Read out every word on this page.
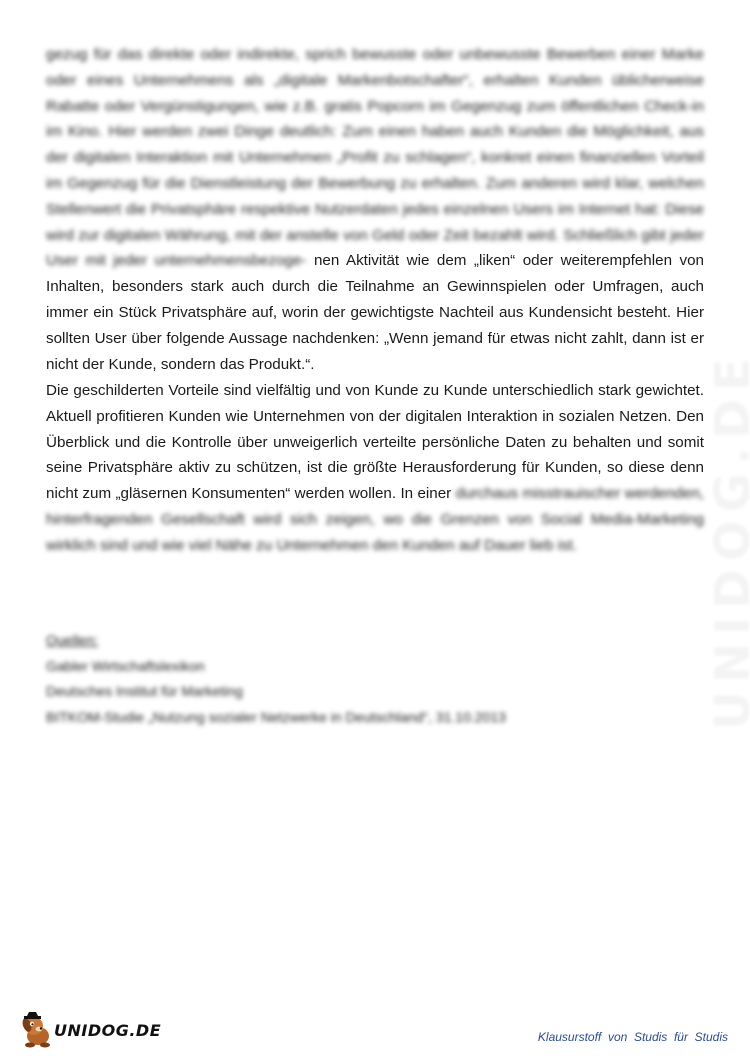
gezug für das direkte oder indirekte, sprich bewusste oder unbewusste Bewerben einer Marke oder eines Unternehmens als „digitale Markenbotschafter“, erhalten Kunden üblicherweise Rabatte oder Vergünstigungen, wie z.B. gratis Popcorn im Gegenzug zum öffentlichen Check-in im Kino. Hier werden zwei Dinge deutlich: Zum einen haben auch Kunden die Möglichkeit, aus der digitalen Interaktion mit Unternehmen „Profit zu schlagen“, konkret einen finanziellen Vorteil im Gegenzug für die Dienstleistung der Bewerbung zu erhalten. Zum anderen wird klar, welchen Stellenwert die Privatsphäre respektive Nutzerdaten jedes einzelnen Users im Internet hat: Diese wird zur digitalen Währung, mit der anstelle von Geld oder Zeit bezahlt wird. Schließlich gibt jeder User mit jeder unternehmensbezoge- nen Aktivität wie dem „liken“ oder weiterempfehlen von Inhalten, besonders stark auch durch die Teilnahme an Gewinnspielen oder Umfragen, auch immer ein Stück Privatsphäre auf, worin der gewichtigste Nachteil aus Kundensicht besteht. Hier sollten User über folgende Aussage nachdenken: „Wenn jemand für etwas nicht zahlt, dann ist er nicht der Kunde, sondern das Produkt.“.

Die geschilderten Vorteile sind vielfältig und von Kunde zu Kunde unterschiedlich stark gewichtet. Aktuell profitieren Kunden wie Unternehmen von der digitalen Interaktion in sozialen Netzen. Den Überblick und die Kontrolle über unweigerlich verteilte persönliche Daten zu behalten und somit seine Privatsphäre aktiv zu schützen, ist die größte Herausforderung für Kunden, so diese denn nicht zum „gläsernen Konsumenten“ werden wollen. In einer durchaus misstrauischer werdenden, hinterfragenden Gesellschaft wird sich zeigen, wo die Grenzen von Social Media-Marketing wirklich sind und wie viel Nähe zu Unternehmen den Kunden auf Dauer lieb ist.

Quellen:
Gabler Wirtschaftslexikon
Deutsches Institut für Marketing
BITKOM-Studie „Nutzung sozialer Netzwerke in Deutschland“, 31.10.2013
UNIDOG.DE	Klausurstoff  von  Studis  für  Studis
